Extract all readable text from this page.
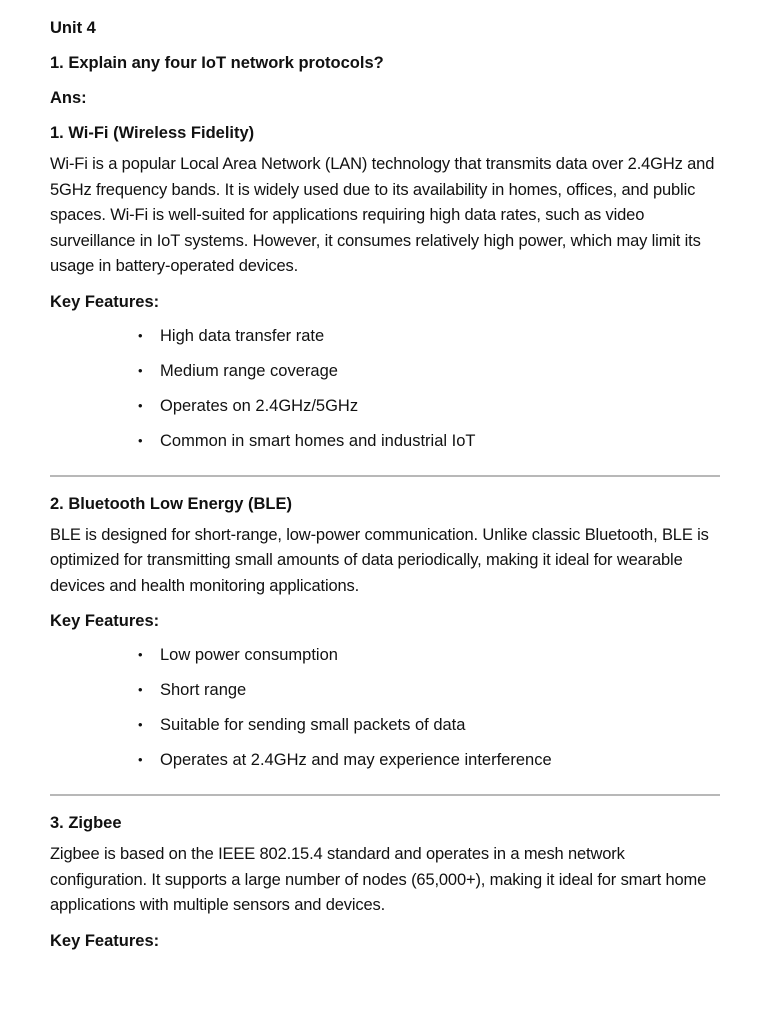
Unit 4

1. Explain any four IoT network protocols?

Ans:

1. Wi-Fi (Wireless Fidelity)

Wi-Fi is a popular Local Area Network (LAN) technology that transmits data over 2.4GHz and 5GHz frequency bands. It is widely used due to its availability in homes, offices, and public spaces. Wi-Fi is well-suited for applications requiring high data rates, such as video surveillance in IoT systems. However, it consumes relatively high power, which may limit its usage in battery-operated devices.

Key Features:

• High data transfer rate
• Medium range coverage
• Operates on 2.4GHz/5GHz
• Common in smart homes and industrial IoT

2. Bluetooth Low Energy (BLE)

BLE is designed for short-range, low-power communication. Unlike classic Bluetooth, BLE is optimized for transmitting small amounts of data periodically, making it ideal for wearable devices and health monitoring applications.

Key Features:

• Low power consumption
• Short range
• Suitable for sending small packets of data
• Operates at 2.4GHz and may experience interference

3. Zigbee

Zigbee is based on the IEEE 802.15.4 standard and operates in a mesh network configuration. It supports a large number of nodes (65,000+), making it ideal for smart home applications with multiple sensors and devices.

Key Features:
